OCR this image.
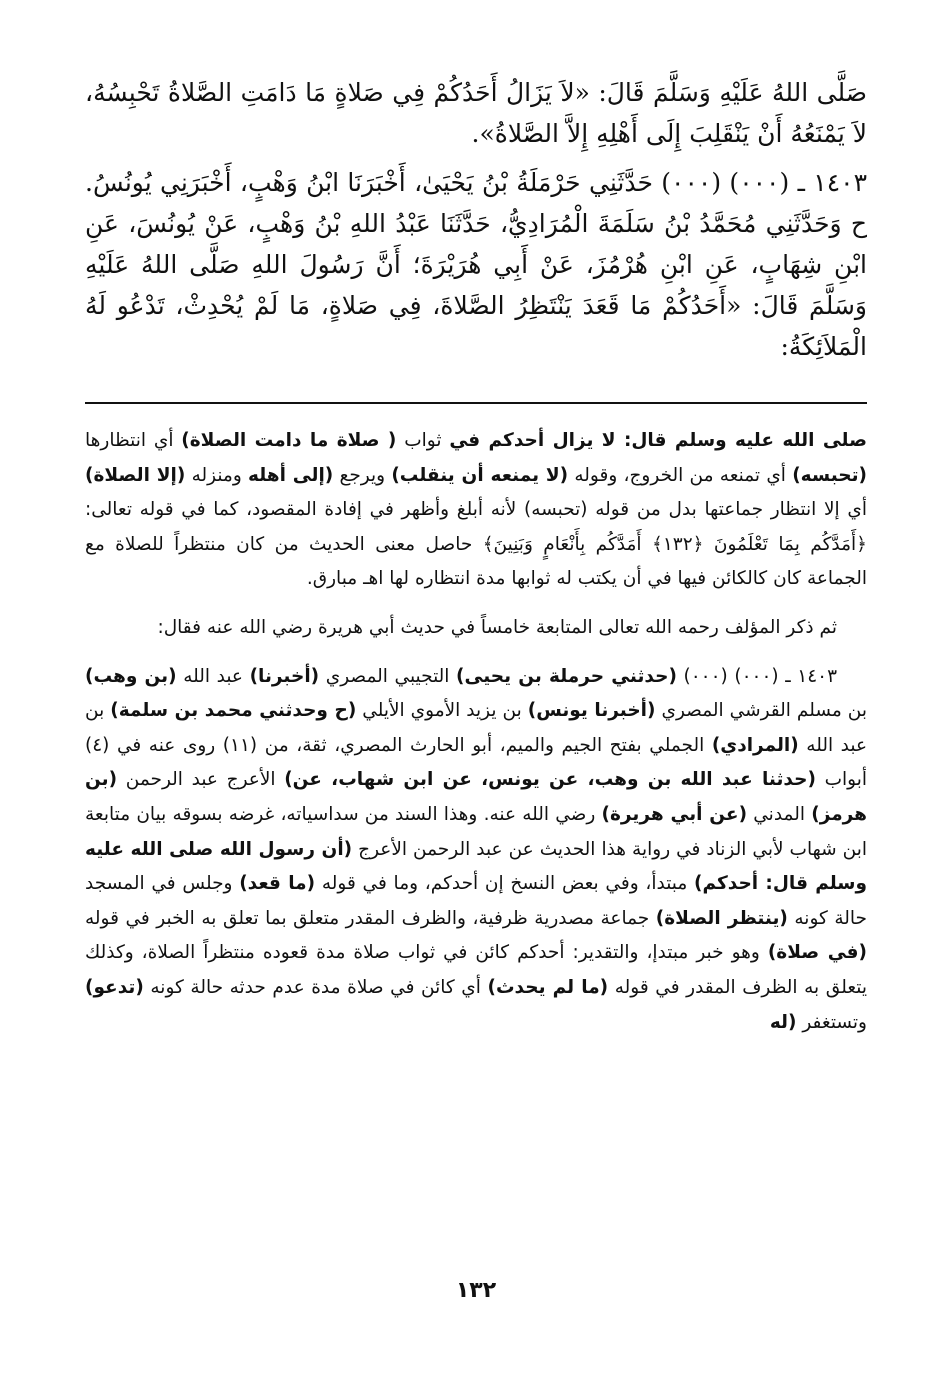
صَلَّى اللهُ عَلَيْهِ وَسَلَّمَ قَالَ: «لاَ يَزَالُ أَحَدُكُمْ فِي صَلاةٍ مَا دَامَتِ الصَّلاةُ تَحْبِسُهُ، لاَ يَمْنَعُهُ أَنْ يَنْقَلِبَ إِلَى أَهْلِهِ إِلاَّ الصَّلاةُ».

١٤٠٣ ـ (٠٠٠) (٠٠٠) حَدَّثَنِي حَرْمَلَةُ بْنُ يَحْيَىٰ، أَخْبَرَنَا ابْنُ وَهْبٍ، أَخْبَرَنِي يُونُسُ. ح وَحَدَّثَنِي مُحَمَّدُ بْنُ سَلَمَةَ الْمُرَادِيُّ، حَدَّثَنَا عَبْدُ اللهِ بْنُ وَهْبٍ، عَنْ يُونُسَ، عَنِ ابْنِ شِهَابٍ، عَنِ ابْنِ هُرْمُزَ، عَنْ أَبِي هُرَيْرَةَ؛ أَنَّ رَسُولَ اللهِ صَلَّى اللهُ عَلَيْهِ وَسَلَّمَ قَالَ: «أَحَدُكُمْ مَا قَعَدَ يَنْتَظِرُ الصَّلاةَ، فِي صَلاةٍ، مَا لَمْ يُحْدِثْ، تَدْعُو لَهُ الْمَلاَئِكَةُ:

صلى الله عليه وسلم قال: لا يزال أحدكم في ثواب ( صلاة ما دامت الصلاة) أي انتظارها (تحبسه) أي تمنعه من الخروج، وقوله (لا يمنعه أن ينقلب) ويرجع (إلى أهله ومنزله (إلا الصلاة) أي إلا انتظار جماعتها بدل من قوله (تحبسه) لأنه أبلغ وأظهر في إفادة المقصود، كما في قوله تعالى: ﴿أَمَدَّكُم بِمَا تَعْلَمُونَ ﴿١٣٢﴾ أَمَدَّكُم بِأَنْعَامٍ وَبَنِينَ﴾ حاصل معنى الحديث من كان منتظراً للصلاة مع الجماعة كان كالكائن فيها في أن يكتب له ثوابها مدة انتظاره لها اهـ مبارق.

ثم ذكر المؤلف رحمه الله تعالى المتابعة خامساً في حديث أبي هريرة رضي الله عنه فقال:

١٤٠٣ ـ (٠٠٠) (٠٠٠) (حدثني حرملة بن يحيى) التجيبي المصري (أخبرنا) عبد الله (بن وهب) بن مسلم القرشي المصري (أخبرنا يونس) بن يزيد الأموي الأيلي (ح وحدثني محمد بن سلمة) بن عبد الله (المرادي) الجملي بفتح الجيم والميم، أبو الحارث المصري، ثقة، من (١١) روى عنه في (٤) أبواب (حدثنا عبد الله بن وهب، عن يونس، عن ابن شهاب، عن) الأعرج عبد الرحمن (بن هرمز) المدني (عن أبي هريرة) رضي الله عنه. وهذا السند من سداسياته، غرضه بسوقه بيان متابعة ابن شهاب لأبي الزناد في رواية هذا الحديث عن عبد الرحمن الأعرج (أن رسول الله صلى الله عليه وسلم قال: أحدكم) مبتدأ، وفي بعض النسخ إن أحدكم، وما في قوله (ما قعد) وجلس في المسجد حالة كونه (ينتظر الصلاة) جماعة مصدرية ظرفية، والظرف المقدر متعلق بما تعلق به الخبر في قوله (في صلاة) وهو خبر مبتدإ، والتقدير: أحدكم كائن في ثواب صلاة مدة قعوده منتظراً الصلاة، وكذلك يتعلق به الظرف المقدر في قوله (ما لم يحدث) أي كائن في صلاة مدة عدم حدثه حالة كونه (تدعو) وتستغفر (له

١٣٢
